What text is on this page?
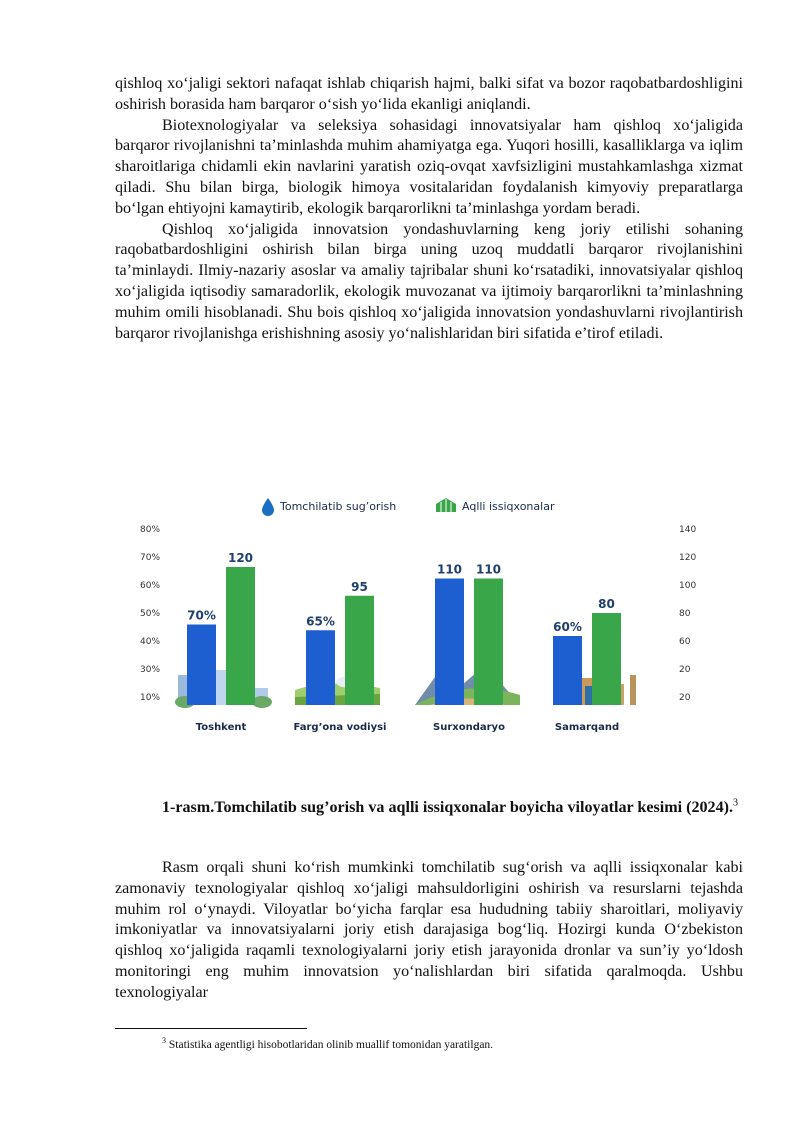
qishloq xo‘jaligi sektori nafaqat ishlab chiqarish hajmi, balki sifat va bozor raqobatbardoshligini oshirish borasida ham barqaror o‘sish yo‘lida ekanligi aniqlandi.

Biotexnologiyalar va seleksiya sohasidagi innovatsiyalar ham qishloq xo‘jaligida barqaror rivojlanishni ta’minlashda muhim ahamiyatga ega. Yuqori hosilli, kasalliklarga va iqlim sharoitlariga chidamli ekin navlarini yaratish oziq-ovqat xavfsizligini mustahkamlashga xizmat qiladi. Shu bilan birga, biologik himoya vositalaridan foydalanish kimyoviy preparatlarga bo‘lgan ehtiyojni kamaytirib, ekologik barqarorlikni ta’minlashga yordam beradi.

Qishloq xo‘jaligida innovatsion yondashuvlarning keng joriy etilishi sohaning raqobatbardoshligini oshirish bilan birga uning uzoq muddatli barqaror rivojlanishini ta’minlaydi. Ilmiy-nazariy asoslar va amaliy tajribalar shuni ko‘rsatadiki, innovatsiyalar qishloq xo‘jaligida iqtisodiy samaradorlik, ekologik muvozanat va ijtimoiy barqarorlikni ta’minlashning muhim omili hisoblanadi. Shu bois qishloq xo‘jaligida innovatsion yondashuvlarni rivojlantirish barqaror rivojlanishga erishishning asosiy yo‘nalishlaridan biri sifatida e’tirof etiladi.

Tomchilatib sug’orish	Aqlli issiqxonalar
80%
70%
60%
50%
40%
30%
10%
140
120
100
80
60
20
20
70%
120
65%
95
110 110
60%
80
Toshkent	Farg’ona vodiysi	Surxondaryo	Samarqand
1-rasm.Tomchilatib sug’orish va aqlli issiqxonalar boyicha viloyatlar kesimi (2024).$^3$

Rasm orqali shuni ko‘rish mumkinki tomchilatib sug‘orish va aqlli issiqxonalar kabi zamonaviy texnologiyalar qishloq xo‘jaligi mahsuldorligini oshirish va resurslarni tejashda muhim rol o‘ynaydi. Viloyatlar bo‘yicha farqlar esa hududning tabiiy sharoitlari, moliyaviy imkoniyatlar va innovatsiyalarni joriy etish darajasiga bog‘liq. Hozirgi kunda O‘zbekiston qishloq xo‘jaligida raqamli texnologiyalarni joriy etish jarayonida dronlar va sun’iy yo‘ldosh monitoringi eng muhim innovatsion yo‘nalishlardan biri sifatida qaralmoqda. Ushbu texnologiyalar

$^3$ Statistika agentligi hisobotlaridan olinib muallif tomonidan yaratilgan.
